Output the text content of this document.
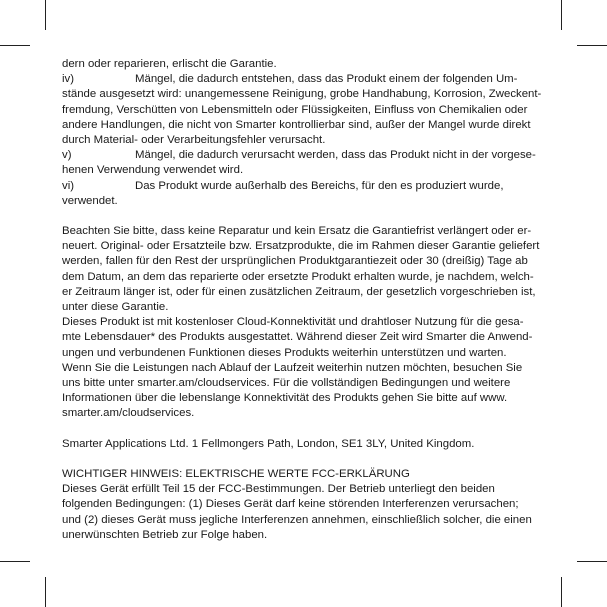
dern oder reparieren, erlischt die Garantie.
iv)	Mängel, die dadurch entstehen, dass das Produkt einem der folgenden Um-
stände ausgesetzt wird: unangemessene Reinigung, grobe Handhabung, Korrosion, Zweckent-
fremdung, Verschütten von Lebensmitteln oder Flüssigkeiten, Einfluss von Chemikalien oder
andere Handlungen, die nicht von Smarter kontrollierbar sind, außer der Mangel wurde direkt
durch Material- oder Verarbeitungsfehler verursacht.
v)	Mängel, die dadurch verursacht werden, dass das Produkt nicht in der vorgese-
henen Verwendung verwendet wird.
vi)	Das Produkt wurde außerhalb des Bereichs, für den es produziert wurde,
verwendet.
Beachten Sie bitte, dass keine Reparatur und kein Ersatz die Garantiefrist verlängert oder er-
neuert. Original- oder Ersatzteile bzw. Ersatzprodukte, die im Rahmen dieser Garantie geliefert
werden, fallen für den Rest der ursprünglichen Produktgarantiezeit oder 30 (dreißig) Tage ab
dem Datum, an dem das reparierte oder ersetzte Produkt erhalten wurde, je nachdem, welch-
er Zeitraum länger ist, oder für einen zusätzlichen Zeitraum, der gesetzlich vorgeschrieben ist,
unter diese Garantie.
Dieses Produkt ist mit kostenloser Cloud-Konnektivität und drahtloser Nutzung für die gesa-
mte Lebensdauer* des Produkts ausgestattet. Während dieser Zeit wird Smarter die Anwend-
ungen und verbundenen Funktionen dieses Produkts weiterhin unterstützen und warten.
Wenn Sie die Leistungen nach Ablauf der Laufzeit weiterhin nutzen möchten, besuchen Sie
uns bitte unter smarter.am/cloudservices. Für die vollständigen Bedingungen und weitere
Informationen über die lebenslange Konnektivität des Produkts gehen Sie bitte auf www.
smarter.am/cloudservices.
Smarter Applications Ltd. 1 Fellmongers Path, London, SE1 3LY, United Kingdom.
WICHTIGER HINWEIS: ELEKTRISCHE WERTE FCC-ERKLÄRUNG
Dieses Gerät erfüllt Teil 15 der FCC-Bestimmungen. Der Betrieb unterliegt den beiden
folgenden Bedingungen: (1) Dieses Gerät darf keine störenden Interferenzen verursachen;
und (2) dieses Gerät muss jegliche Interferenzen annehmen, einschließlich solcher, die einen
unerwünschten Betrieb zur Folge haben.
